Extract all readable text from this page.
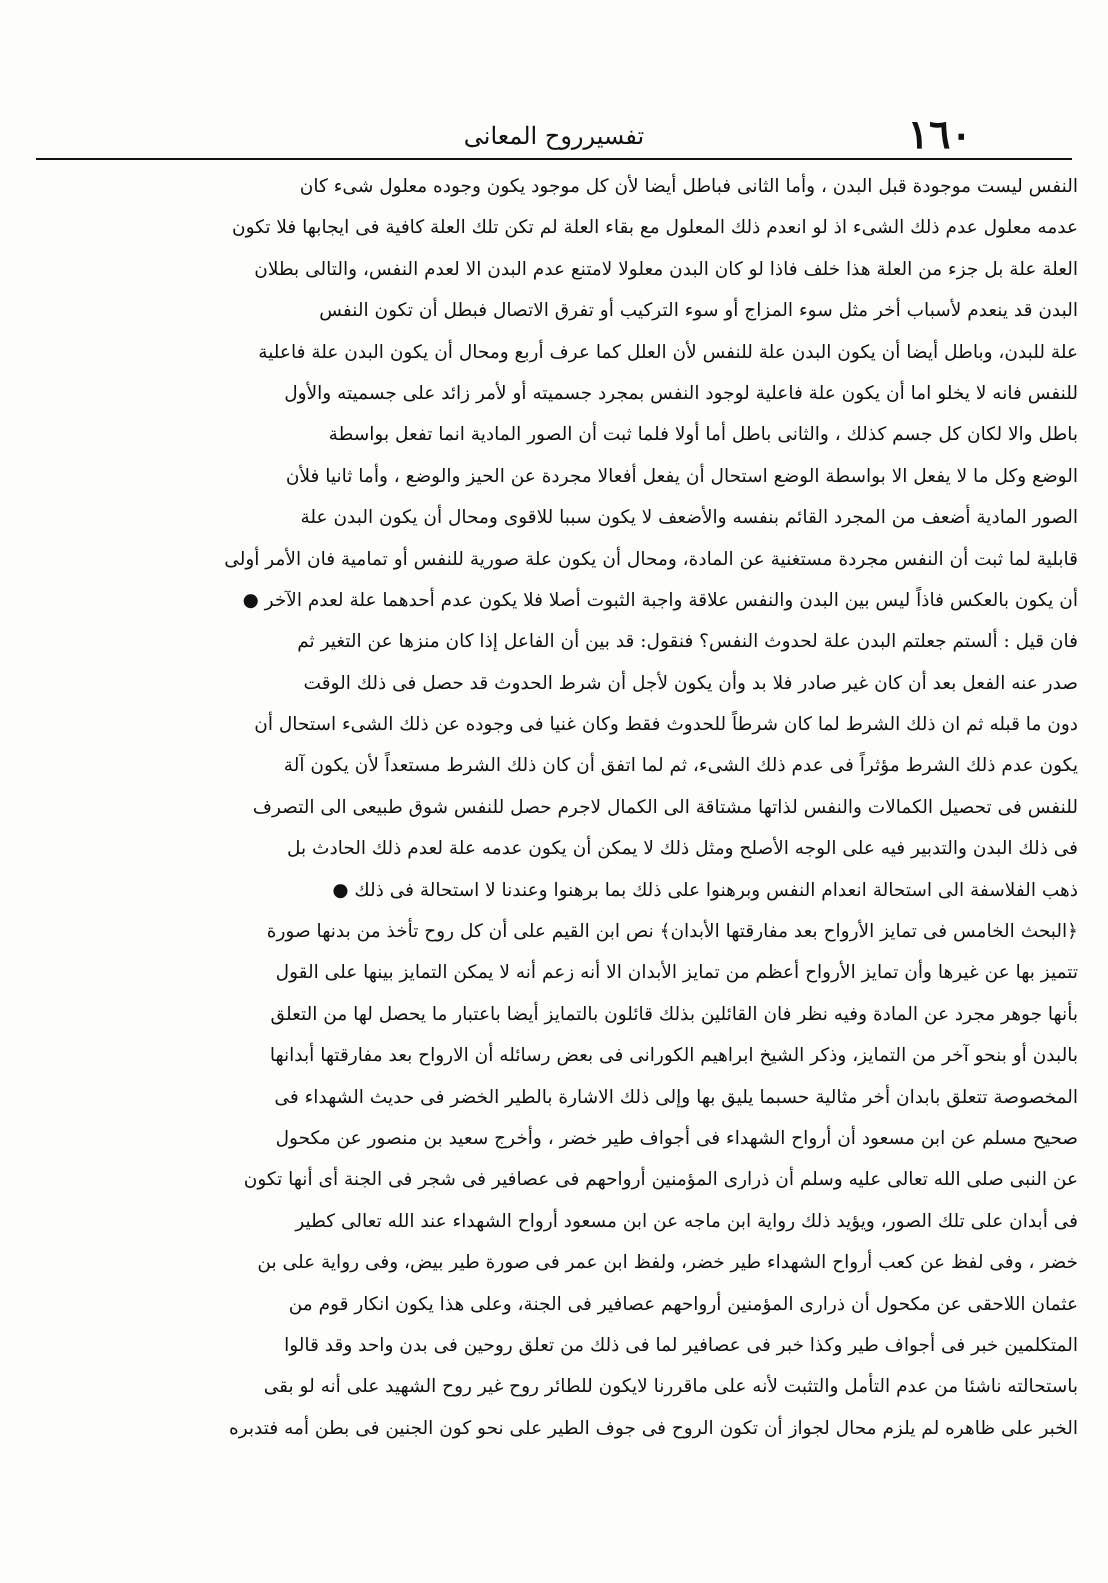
١٦٠
تفسیرروح المعانی
النفس ليست موجودة قبل البدن ، وأما الثانى فباطل أيضا لأن كل موجود يكون وجوده معلول شىء كان
عدمه معلول عدم ذلك الشىء اذ لو انعدم ذلك المعلول مع بقاء العلة لم تكن تلك العلة كافية فى ايجابها فلا تكون
العلة علة بل جزء من العلة هذا خلف فاذا لو كان البدن معلولا لامتنع عدم البدن الا لعدم النفس، والتالى بطلان
البدن قد ينعدم لأسباب أخر مثل سوء المزاج أو سوء التركيب أو تفرق الاتصال فبطل أن تكون النفس
علة للبدن، وباطل أيضا أن يكون البدن علة للنفس لأن العلل كما عرف أربع ومحال أن يكون البدن علة فاعلية
للنفس فانه لا يخلو اما أن يكون علة فاعلية لوجود النفس بمجرد جسميته أو لأمر زائد على جسميته والأول
باطل والا لكان كل جسم كذلك ، والثانى باطل أما أولا فلما ثبت أن الصور المادية انما تفعل بواسطة
الوضع وكل ما لا يفعل الا بواسطة الوضع استحال أن يفعل أفعالا مجردة عن الحيز والوضع ، وأما ثانيا فلأن
الصور المادية أضعف من المجرد القائم بنفسه والأضعف لا يكون سببا للاقوى ومحال أن يكون البدن علة
قابلية لما ثبت أن النفس مجردة مستغنية عن المادة، ومحال أن يكون علة صورية للنفس أو تمامية فان الأمر أولى
أن يكون بالعكس فاذاً ليس بين البدن والنفس علاقة واجبة الثبوت أصلا فلا يكون عدم أحدهما علة لعدم الآخر ●
فان قيل : ألستم جعلتم البدن علة لحدوث النفس؟ فنقول: قد بين أن الفاعل إذا كان منزها عن التغير ثم
صدر عنه الفعل بعد أن كان غير صادر فلا بد وأن يكون لأجل أن شرط الحدوث قد حصل فى ذلك الوقت
دون ما قبله ثم ان ذلك الشرط لما كان شرطاً للحدوث فقط وكان غنيا فى وجوده عن ذلك الشىء استحال أن
يكون عدم ذلك الشرط مؤثراً فى عدم ذلك الشىء، ثم لما اتفق أن كان ذلك الشرط مستعداً لأن يكون آلة
للنفس فى تحصيل الكمالات والنفس لذاتها مشتاقة الى الكمال لاجرم حصل للنفس شوق طبيعى الى التصرف
فى ذلك البدن والتدبير فيه على الوجه الأصلح ومثل ذلك لا يمكن أن يكون عدمه علة لعدم ذلك الحادث بل
ذهب الفلاسفة الى استحالة انعدام النفس وبرهنوا على ذلك بما برهنوا وعندنا لا استحالة فى ذلك ●
﴿البحث الخامس فى تمايز الأرواح بعد مفارقتها الأبدان﴾ نص ابن القيم على أن كل روح تأخذ من بدنها صورة
تتميز بها عن غيرها وأن تمايز الأرواح أعظم من تمايز الأبدان الا أنه زعم أنه لا يمكن التمايز بينها على القول
بأنها جوهر مجرد عن المادة وفيه نظر فان القائلين بذلك قائلون بالتمايز أيضا باعتبار ما يحصل لها من التعلق
بالبدن أو بنحو آخر من التمايز، وذكر الشيخ ابراهيم الكورانى فى بعض رسائله أن الارواح بعد مفارقتها أبدانها
المخصوصة تتعلق بابدان أخر مثالية حسبما يليق بها وإلى ذلك الاشارة بالطير الخضر فى حديث الشهداء فى
صحيح مسلم عن ابن مسعود أن أرواح الشهداء فى أجواف طير خضر ، وأخرج سعيد بن منصور عن مكحول
عن النبى صلى الله تعالى عليه وسلم أن ذرارى المؤمنين أرواحهم فى عصافير فى شجر فى الجنة أى أنها تكون
فى أبدان على تلك الصور، ويؤيد ذلك رواية ابن ماجه عن ابن مسعود أرواح الشهداء عند الله تعالى كطير
خضر ، وفى لفظ عن كعب أرواح الشهداء طير خضر، ولفظ ابن عمر فى صورة طير بيض، وفى رواية على بن
عثمان اللاحقى عن مكحول أن ذرارى المؤمنين أرواحهم عصافير فى الجنة، وعلى هذا يكون انكار قوم من
المتكلمين خبر فى أجواف طير وكذا خبر فى عصافير لما فى ذلك من تعلق روحين فى بدن واحد وقد قالوا
باستحالته ناشئا من عدم التأمل والتثبت لأنه على ماقررنا لايكون للطائر روح غير روح الشهيد على أنه لو بقى
الخبر على ظاهره لم يلزم محال لجواز أن تكون الروح فى جوف الطير على نحو كون الجنين فى بطن أمه فتدبره
